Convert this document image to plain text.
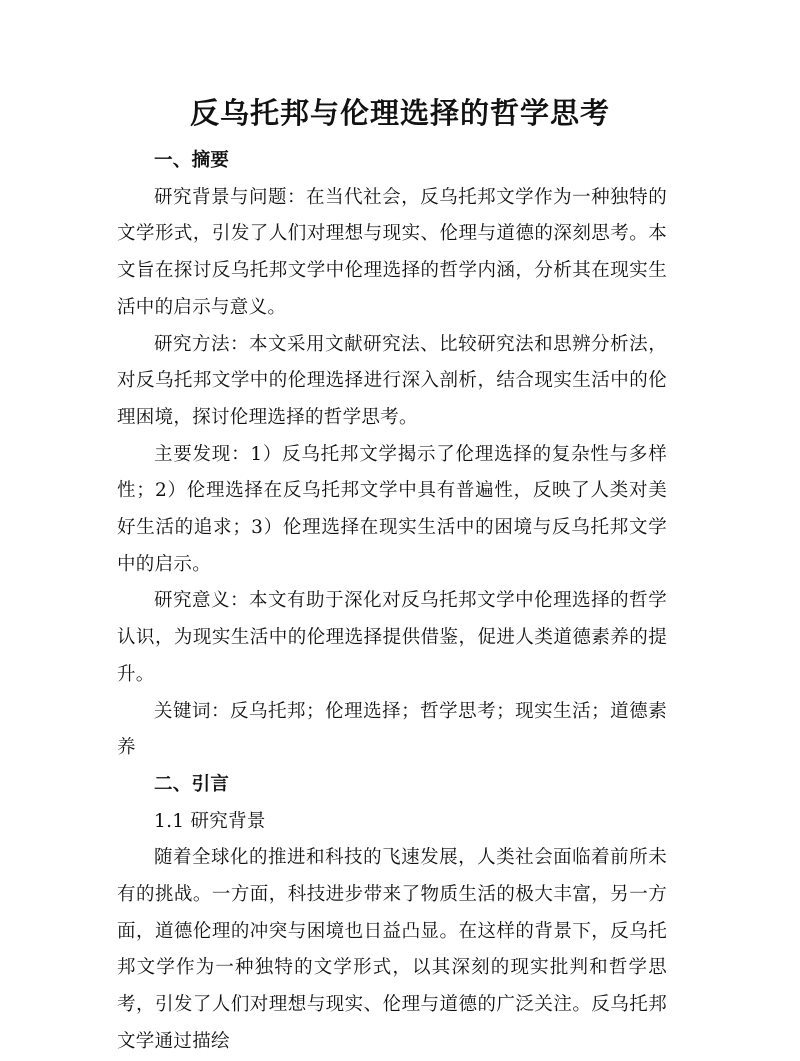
反乌托邦与伦理选择的哲学思考
一、摘要

研究背景与问题：在当代社会，反乌托邦文学作为一种独特的文学形式，引发了人们对理想与现实、伦理与道德的深刻思考。本文旨在探讨反乌托邦文学中伦理选择的哲学内涵，分析其在现实生活中的启示与意义。

研究方法：本文采用文献研究法、比较研究法和思辨分析法，对反乌托邦文学中的伦理选择进行深入剖析，结合现实生活中的伦理困境，探讨伦理选择的哲学思考。

主要发现：1）反乌托邦文学揭示了伦理选择的复杂性与多样性；2）伦理选择在反乌托邦文学中具有普遍性，反映了人类对美好生活的追求；3）伦理选择在现实生活中的困境与反乌托邦文学中的启示。

研究意义：本文有助于深化对反乌托邦文学中伦理选择的哲学认识，为现实生活中的伦理选择提供借鉴，促进人类道德素养的提升。

关键词：反乌托邦；伦理选择；哲学思考；现实生活；道德素养

二、引言
1.1 研究背景

随着全球化的推进和科技的飞速发展，人类社会面临着前所未有的挑战。一方面，科技进步带来了物质生活的极大丰富，另一方面，道德伦理的冲突与困境也日益凸显。在这样的背景下，反乌托邦文学作为一种独特的文学形式，以其深刻的现实批判和哲学思考，引发了人们对理想与现实、伦理与道德的广泛关注。反乌托邦文学通过描绘
